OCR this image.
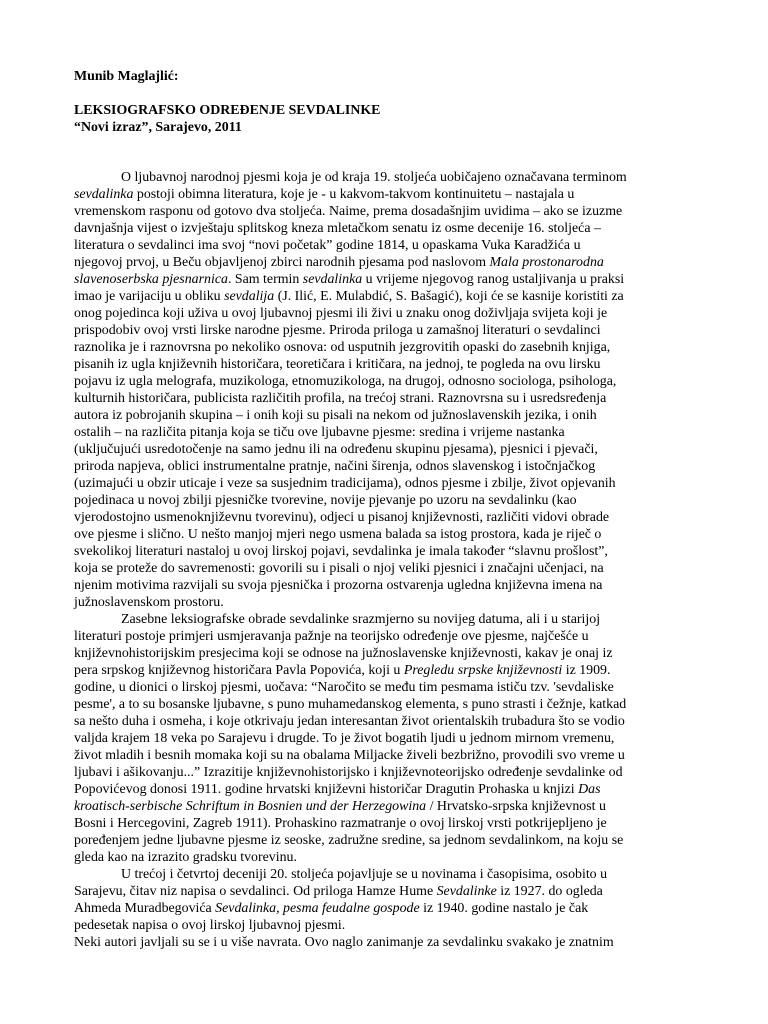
Munib Maglajlić:

LEKSIOGRAFSKO ODREĐENJE SEVDALINKE

“Novi izraz”, Sarajevo, 2011

O ljubavnoj narodnoj pjesmi koja je od kraja 19. stoljeća uobičajeno označavana terminom
sevdalinka postoji obimna literatura, koje je - u kakvom-takvom kontinuitetu – nastajala u
vremenskom rasponu od gotovo dva stoljeća. Naime, prema dosadašnjim uvidima – ako se izuzme
davnjašnja vijest o izvještaju splitskog kneza mletačkom senatu iz osme decenije 16. stoljeća –
literatura o sevdalinci ima svoj “novi početak” godine 1814, u opaskama Vuka Karadžića u
njegovoj prvoj, u Beču objavljenoj zbirci narodnih pjesama pod naslovom Mala prostonarodna
slavenoserbska pjesnarnica. Sam termin sevdalinka u vrijeme njegovog ranog ustaljivanja u praksi
imao je varijaciju u obliku sevdalija (J. Ilić, E. Mulabdić, S. Bašagić), koji će se kasnije koristiti za
onog pojedinca koji uživa u ovoj ljubavnoj pjesmi ili živi u znaku onog doživljaja svijeta koji je
prispodobiv ovoj vrsti lirske narodne pjesme. Priroda priloga u zamašnoj literaturi o sevdalinci
raznolika je i raznovrsna po nekoliko osnova: od usputnih jezgrovitih opaski do zasebnih knjiga,
pisanih iz ugla književnih historičara, teoretičara i kritičara, na jednoj, te pogleda na ovu lirsku
pojavu iz ugla melografa, muzikologa, etnomuzikologa, na drugoj, odnosno sociologa, psihologa,
kulturnih historičara, publicista različitih profila, na trećoj strani. Raznovrsna su i usredsređenja
autora iz pobrojanih skupina – i onih koji su pisali na nekom od južnoslavenskih jezika, i onih
ostalih – na različita pitanja koja se tiču ove ljubavne pjesme: sredina i vrijeme nastanka
(uključujući usredotočenje na samo jednu ili na određenu skupinu pjesama), pjesnici i pjevači,
priroda napjeva, oblici instrumentalne pratnje, načini širenja, odnos slavenskog i istočnjačkog
(uzimajući u obzir uticaje i veze sa susjednim tradicijama), odnos pjesme i zbilje, život opjevanih
pojedinaca u novoj zbilji pjesničke tvorevine, novije pjevanje po uzoru na sevdalinku (kao
vjerodostojno usmenoknjiževnu tvorevinu), odjeci u pisanoj književnosti, različiti vidovi obrade
ove pjesme i slično. U nešto manjoj mjeri nego usmena balada sa istog prostora, kada je riječ o
svekolikoj literaturi nastaloj u ovoj lirskoj pojavi, sevdalinka je imala također “slavnu prošlost”,
koja se proteže do savremenosti: govorili su i pisali o njoj veliki pjesnici i značajni učenjaci, na
njenim motivima razvijali su svoja pjesnička i prozorna ostvarenja ugledna književna imena na
južnoslavenskom prostoru.

Zasebne leksiografske obrade sevdalinke srazmjerno su novijeg datuma, ali i u starijoj
literaturi postoje primjeri usmjeravanja pažnje na teorijsko određenje ove pjesme, najčešće u
književnohistorijskim presjecima koji se odnose na južnoslavenske književnosti, kakav je onaj iz
pera srpskog književnog historičara Pavla Popovića, koji u Pregledu srpske književnosti iz 1909.
godine, u dionici o lirskoj pjesmi, uočava: “Naročito se među tim pesmama ističu tzv. 'sevdaliske
pesme', a to su bosanske ljubavne, s puno muhamedanskog elementa, s puno strasti i čežnje, katkad
sa nešto duha i osmeha, i koje otkrivaju jedan interesantan život orientalskih trubadura što se vodio
valjda krajem 18 veka po Sarajevu i drugde. To je život bogatih ljudi u jednom mirnom vremenu,
život mladih i besnih momaka koji su na obalama Miljacke živeli bezbrižno, provodili svo vreme u
ljubavi i ašikovanju...” Izrazitije književnohistorijsko i književnoteorijsko određenje sevdalinke od
Popovićevog donosi 1911. godine hrvatski književni historičar Dragutin Prohaska u knjizi Das
kroatisch-serbische Schriftum in Bosnien und der Herzegowina / Hrvatsko-srpska književnost u
Bosni i Hercegovini, Zagreb 1911). Prohaskino razmatranje o ovoj lirskoj vrsti potkrijepljeno je
poređenjem jedne ljubavne pjesme iz seoske, zadružne sredine, sa jednom sevdalinkom, na koju se
gleda kao na izrazito gradsku tvorevinu.

U trećoj i četvrtoj deceniji 20. stoljeća pojavljuje se u novinama i časopisima, osobito u
Sarajevu, čitav niz napisa o sevdalinci. Od priloga Hamze Hume Sevdalinke iz 1927. do ogleda
Ahmeda Muradbegovića Sevdalinka, pesma feudalne gospode iz 1940. godine nastalo je čak
pedesetak napisa o ovoj lirskoj ljubavnoj pjesmi.

Neki autori javljali su se i u više navrata. Ovo naglo zanimanje za sevdalinku svakako je znatnim
